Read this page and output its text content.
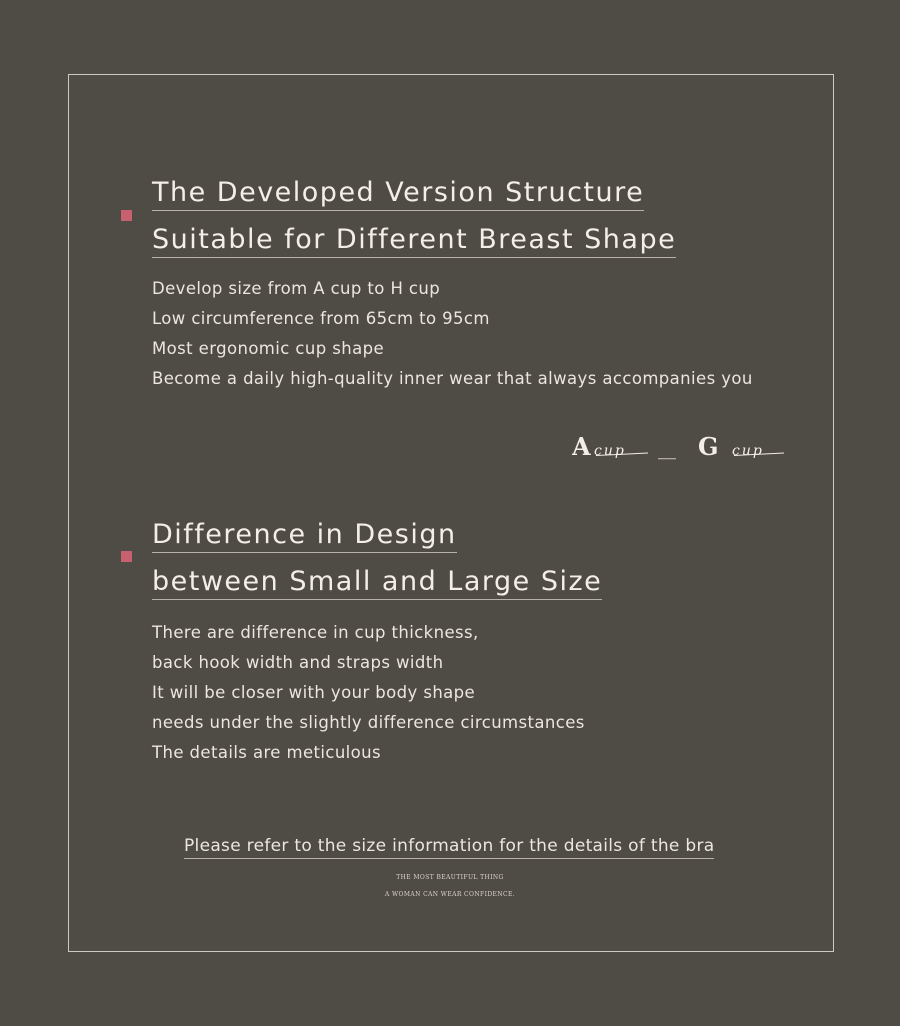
The Developed Version Structure
Suitable for Different Breast Shape
Develop size from A cup to H cup
Low circumference from 65cm to 95cm
Most ergonomic cup shape
Become a daily high-quality inner wear that always accompanies you
A cup __ G cup
Difference in Design
between Small and Large Size
There are difference in cup thickness,
back hook width and straps width
It will be closer with your body shape
needs under the slightly difference circumstances
The details are meticulous
Please refer to the size information for the details of the bra
THE MOST BEAUTIFUL THING
A WOMAN CAN WEAR CONFIDENCE.
